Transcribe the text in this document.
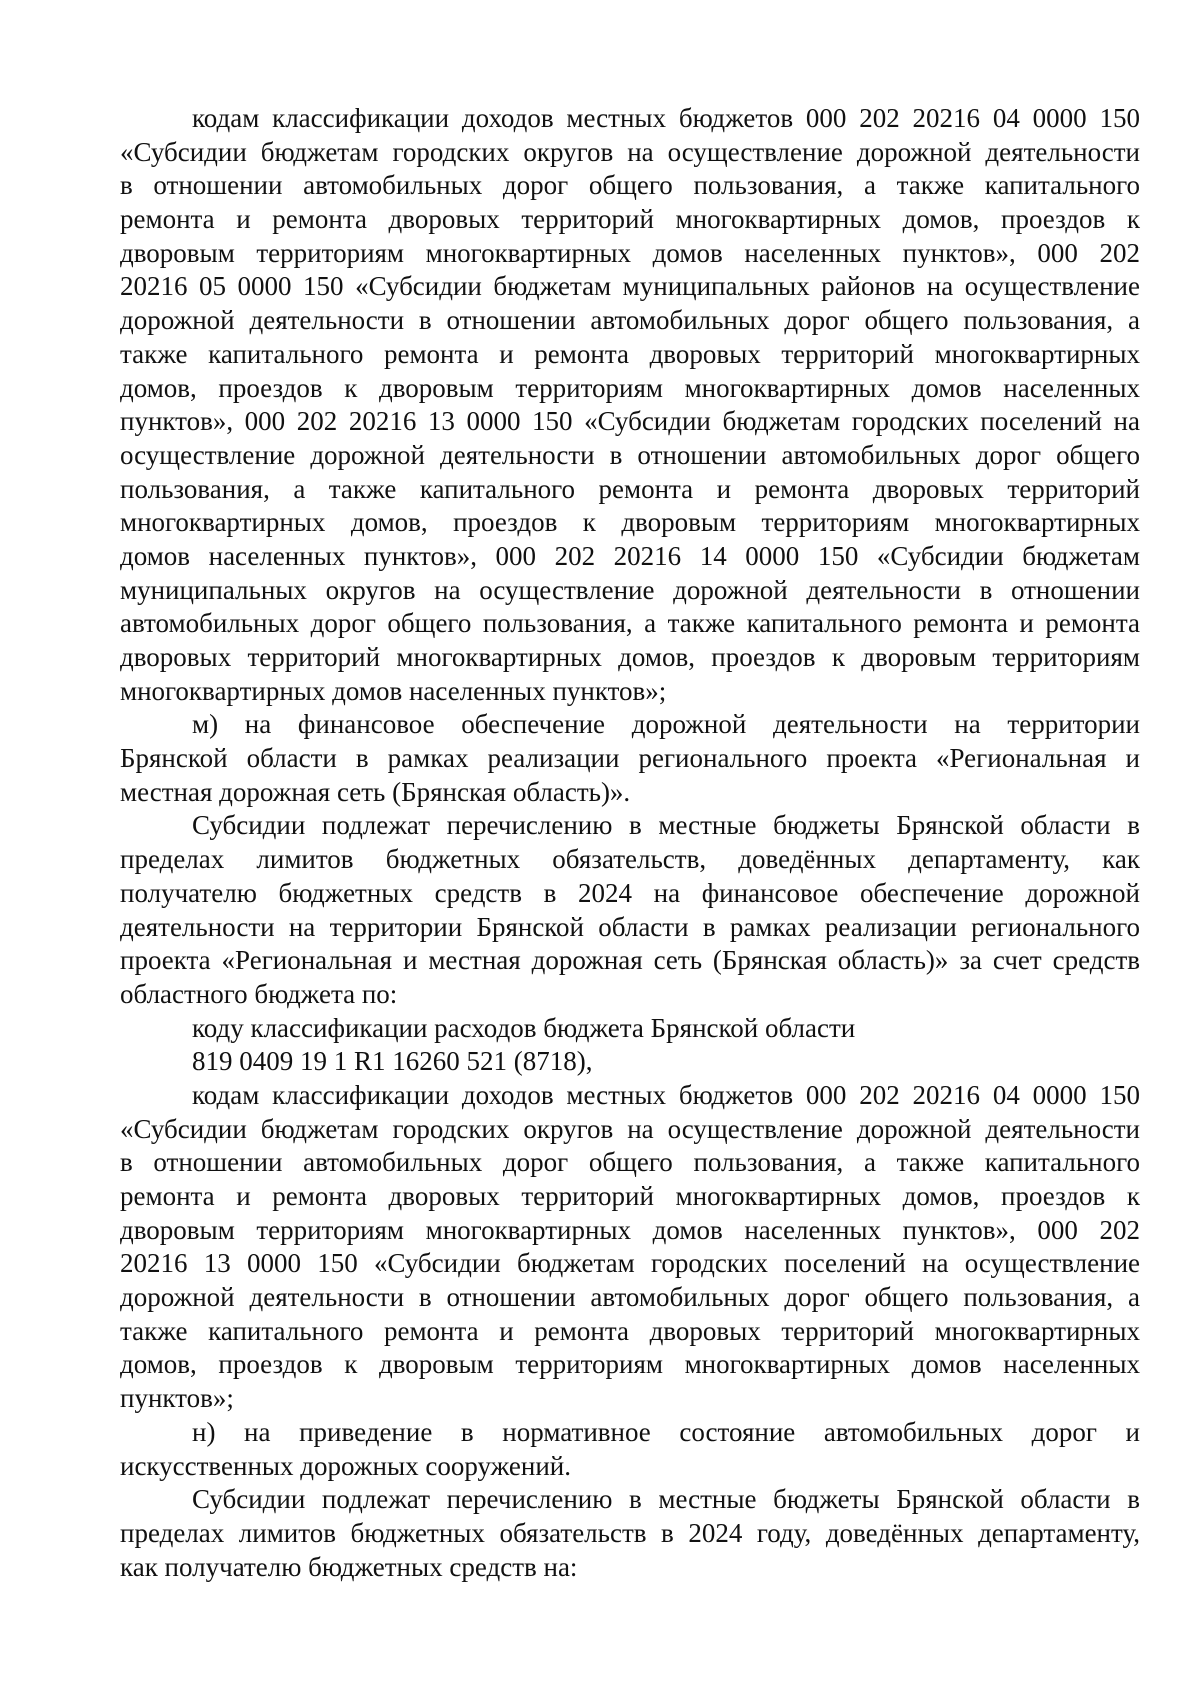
кодам классификации доходов местных бюджетов 000 202 20216 04 0000 150
«Субсидии бюджетам городских округов на осуществление дорожной деятельности
в отношении автомобильных дорог общего пользования, а также капитального
ремонта и ремонта дворовых территорий многоквартирных домов, проездов к
дворовым территориям многоквартирных домов населенных пунктов», 000 202
20216 05 0000 150 «Субсидии бюджетам муниципальных районов на осуществление
дорожной деятельности в отношении автомобильных дорог общего пользования, а
также капитального ремонта и ремонта дворовых территорий многоквартирных
домов, проездов к дворовым территориям многоквартирных домов населенных
пунктов», 000 202 20216 13 0000 150 «Субсидии бюджетам городских поселений на
осуществление дорожной деятельности в отношении автомобильных дорог общего
пользования, а также капитального ремонта и ремонта дворовых территорий
многоквартирных домов, проездов к дворовым территориям многоквартирных
домов населенных пунктов», 000 202 20216 14 0000 150 «Субсидии бюджетам
муниципальных округов на осуществление дорожной деятельности в отношении
автомобильных дорог общего пользования, а также капитального ремонта и ремонта
дворовых территорий многоквартирных домов, проездов к дворовым территориям
многоквартирных домов населенных пунктов»;
м) на финансовое обеспечение дорожной деятельности на территории
Брянской области в рамках реализации регионального проекта «Региональная и
местная дорожная сеть (Брянская область)».
Субсидии подлежат перечислению в местные бюджеты Брянской области в
пределах лимитов бюджетных обязательств, доведённых департаменту, как
получателю бюджетных средств в 2024 на финансовое обеспечение дорожной
деятельности на территории Брянской области в рамках реализации регионального
проекта «Региональная и местная дорожная сеть (Брянская область)» за счет средств
областного бюджета по:
коду классификации расходов бюджета Брянской области
819 0409 19 1 R1 16260 521 (8718),
кодам классификации доходов местных бюджетов 000 202 20216 04 0000 150
«Субсидии бюджетам городских округов на осуществление дорожной деятельности
в отношении автомобильных дорог общего пользования, а также капитального
ремонта и ремонта дворовых территорий многоквартирных домов, проездов к
дворовым территориям многоквартирных домов населенных пунктов», 000 202
20216 13 0000 150 «Субсидии бюджетам городских поселений на осуществление
дорожной деятельности в отношении автомобильных дорог общего пользования, а
также капитального ремонта и ремонта дворовых территорий многоквартирных
домов, проездов к дворовым территориям многоквартирных домов населенных
пунктов»;
н) на приведение в нормативное состояние автомобильных дорог и
искусственных дорожных сооружений.
Субсидии подлежат перечислению в местные бюджеты Брянской области в
пределах лимитов бюджетных обязательств в 2024 году, доведённых департаменту,
как получателю бюджетных средств на:
